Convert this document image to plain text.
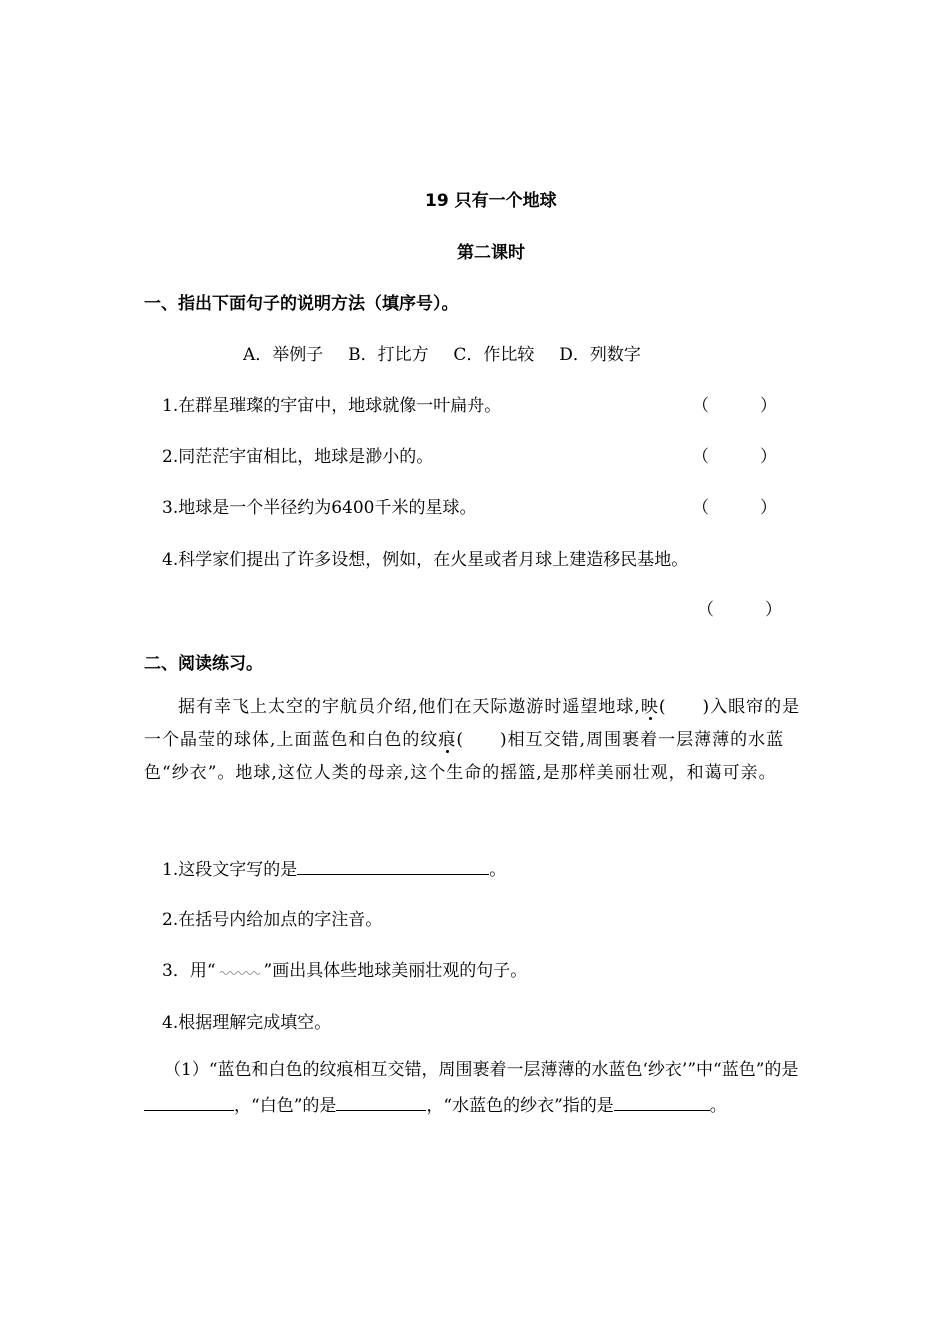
19 只有一个地球
第二课时
一、指出下面句子的说明方法（填序号）。
A．举例子 B．打比方 C．作比较 D．列数字
1.在群星璀璨的宇宙中，地球就像一叶扁舟。	（　　　）
2.同茫茫宇宙相比，地球是渺小的。	（　　　）
3.地球是一个半径约为6400千米的星球。	（　　　）
4.科学家们提出了许多设想，例如，在火星或者月球上建造移民基地。
（　　　）
二、阅读练习。
据有幸飞上太空的宇航员介绍,他们在天际遨游时遥望地球,映(　　)入眼帘的是一个晶莹的球体,上面蓝色和白色的纹痕(　　)相互交错,周围裹着一层薄薄的水蓝色“纱衣”。地球,这位人类的母亲,这个生命的摇篮,是那样美丽壮观，和蔼可亲。
1.这段文字写的是	。
2.在括号内给加点的字注音。
3．用“	”画出具体些地球美丽壮观的句子。
4.根据理解完成填空。
（1）“蓝色和白色的纹痕相互交错，周围裹着一层薄薄的水蓝色‘纱衣’”中“蓝色”的是，“白色”的是	，“水蓝色的纱衣”指的是	。
